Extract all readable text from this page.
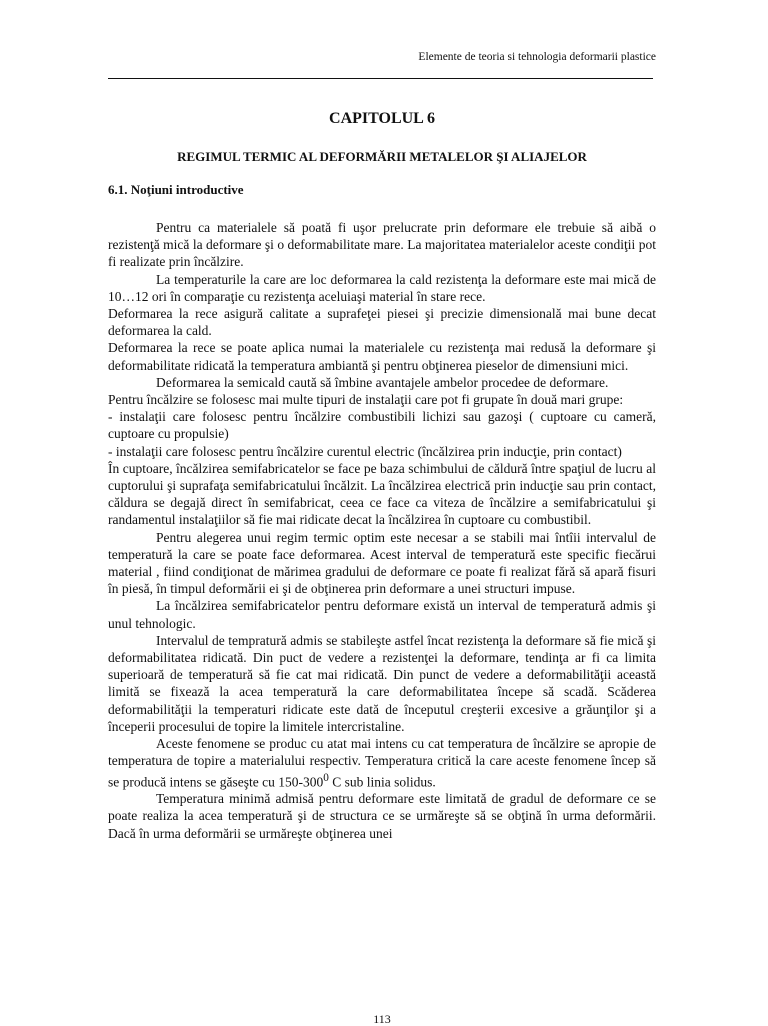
Elemente de teoria si tehnologia deformarii plastice
CAPITOLUL 6
REGIMUL TERMIC AL DEFORMĂRII METALELOR ŞI ALIAJELOR
6.1. Noţiuni introductive

Pentru ca materialele să poată fi uşor prelucrate prin deformare ele trebuie să aibă o rezistenţă mică la deformare şi o deformabilitate mare. La majoritatea materialelor aceste condiţii pot fi realizate prin încălzire.

La temperaturile la care are loc deformarea la cald rezistenţa la deformare este mai mică de 10…12 ori în comparaţie cu rezistenţa aceluiaşi material în stare rece.

Deformarea la rece asigură calitate a suprafeţei piesei şi precizie dimensională mai bune decat deformarea la cald.

Deformarea la rece se poate aplica numai la materialele cu rezistenţa mai redusă la deformare şi deformabilitate ridicată la temperatura ambiantă şi pentru obţinerea pieselor de dimensiuni mici.

Deformarea la semicald caută să îmbine avantajele ambelor procedee de deformare.

Pentru încălzire se folosesc mai multe tipuri de instalaţii care pot fi grupate în două mari grupe:

- instalaţii care folosesc pentru încălzire combustibili lichizi sau gazoşi ( cuptoare cu cameră, cuptoare cu propulsie)

- instalaţii care folosesc pentru încălzire curentul electric (încălzirea prin inducţie, prin contact)

În cuptoare, încălzirea semifabricatelor se face pe baza schimbului de căldură între spaţiul de lucru al cuptorului şi suprafaţa semifabricatului încălzit. La încălzirea electrică prin inducţie sau prin contact, căldura se degajă direct în semifabricat, ceea ce face ca viteza de încălzire a semifabricatului şi randamentul instalaţiilor să fie mai ridicate decat la încălzirea în cuptoare cu combustibil.

Pentru alegerea unui regim termic optim este necesar a se stabili mai întîii intervalul de temperatură la care se poate face deformarea. Acest interval de temperatură este specific fiecărui material , fiind condiţionat de mărimea gradului de deformare ce poate fi realizat fără să apară fisuri în piesă, în timpul deformării ei şi de obţinerea prin deformare a unei structuri impuse.

La încălzirea semifabricatelor pentru deformare există un interval de temperatură admis şi unul tehnologic.

Intervalul de tempratură admis se stabileşte astfel încat rezistenţa la deformare să fie mică şi deformabilitatea ridicată. Din puct de vedere a rezistenţei la deformare, tendinţa ar fi ca limita superioară de temperatură să fie cat mai ridicată. Din punct de vedere a deformabilităţii această limită se fixează la acea temperatură la care deformabilitatea începe să scadă. Scăderea deformabilităţii la temperaturi ridicate este dată de începutul creşterii excesive a grăunţilor şi a începerii procesului de topire la limitele intercristaline.

Aceste fenomene se produc cu atat mai intens cu cat temperatura de încălzire se apropie de temperatura de topire a materialului respectiv. Temperatura critică la care aceste fenomene încep să se producă intens se găseşte cu $150-300^0$ C sub linia solidus.

Temperatura minimă admisă pentru deformare este limitată de gradul de deformare ce se poate realiza la acea temperatură şi de structura ce se urmăreşte să se obţină în urma deformării. Dacă în urma deformării se urmăreşte obţinerea unei

113
